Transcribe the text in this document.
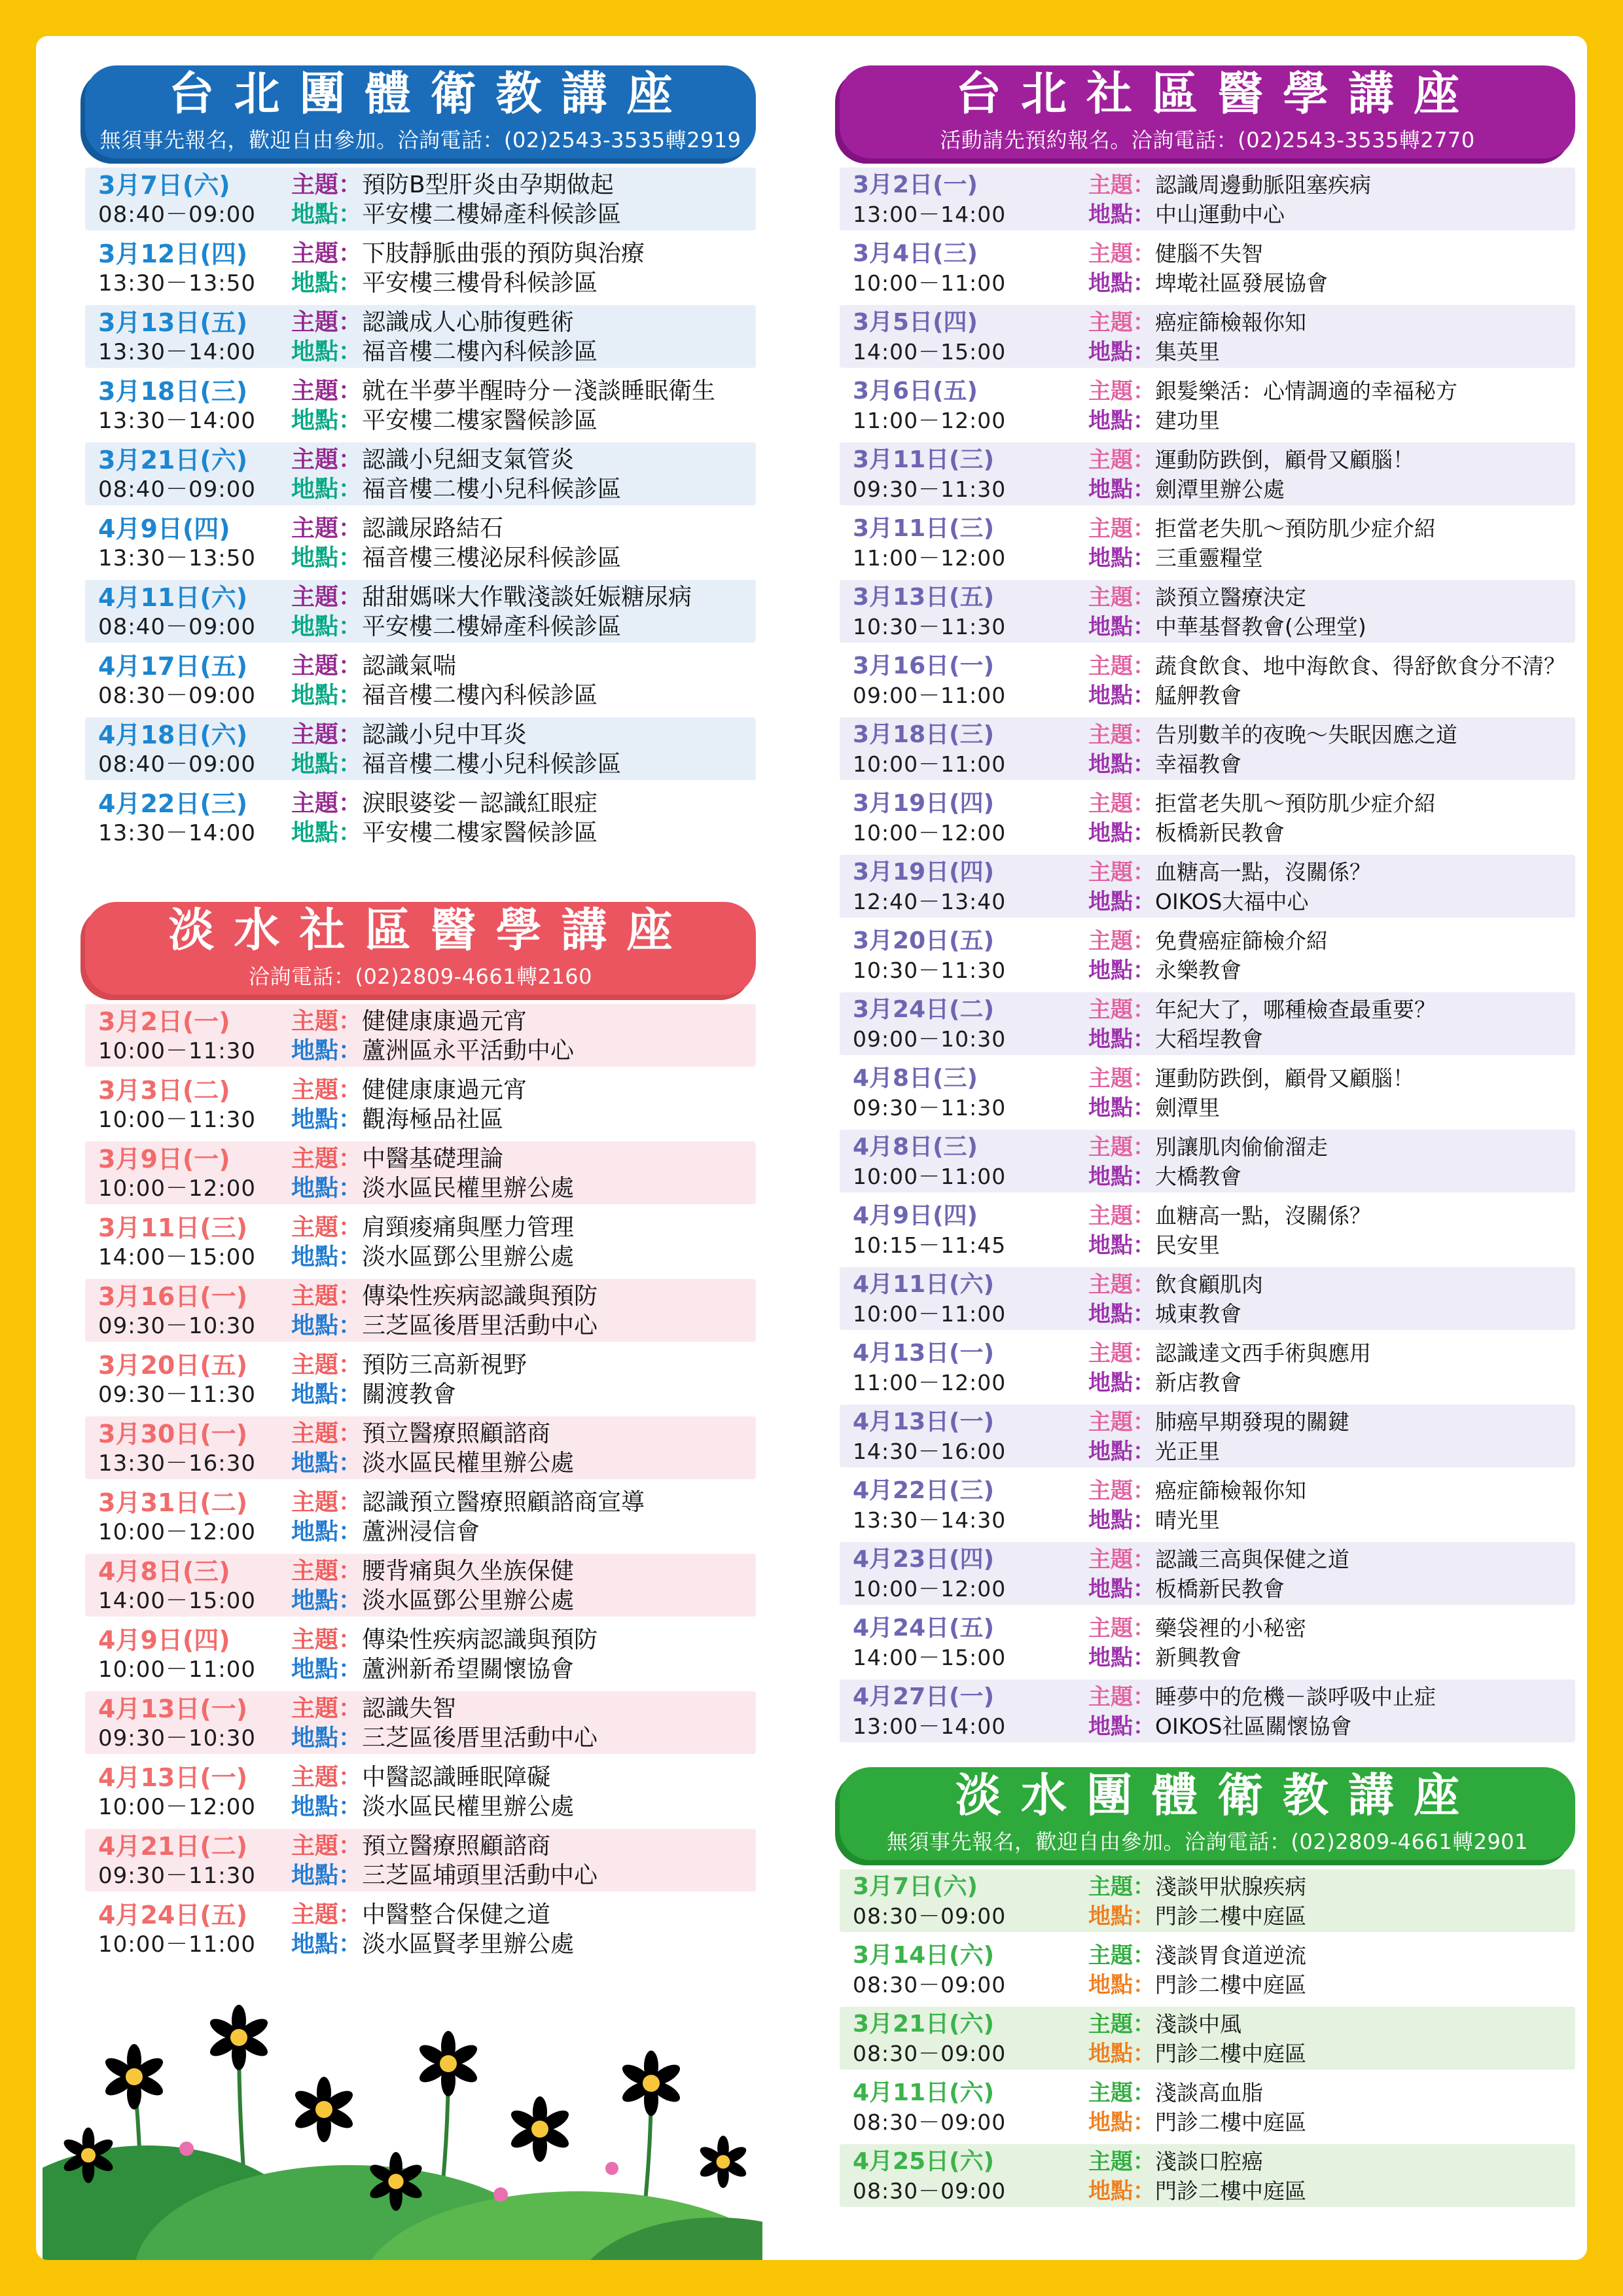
台北團體衛教講座
無須事先報名，歡迎自由參加。洽詢電話：(02)2543-3535轉2919
3月7日(六)
08:40－09:00
主題 ： 預防B型肝炎由孕期做起
地點 ： 平安樓二樓婦產科候診區
3月12日(四)
13:30－13:50
主題 ： 下肢靜脈曲張的預防與治療
地點 ： 平安樓三樓骨科候診區
3月13日(五)
13:30－14:00
主題 ： 認識成人心肺復甦術
地點 ： 福音樓二樓內科候診區
3月18日(三)
13:30－14:00
主題 ： 就在半夢半醒時分－淺談睡眠衛生
地點 ： 平安樓二樓家醫候診區
3月21日(六)
08:40－09:00
主題 ： 認識小兒細支氣管炎
地點 ： 福音樓二樓小兒科候診區
4月9日(四)
13:30－13:50
主題 ： 認識尿路結石
地點 ： 福音樓三樓泌尿科候診區
4月11日(六)
08:40－09:00
主題 ： 甜甜媽咪大作戰淺談妊娠糖尿病
地點 ： 平安樓二樓婦產科候診區
4月17日(五)
08:30－09:00
主題 ： 認識氣喘
地點 ： 福音樓二樓內科候診區
4月18日(六)
08:40－09:00
主題 ： 認識小兒中耳炎
地點 ： 福音樓二樓小兒科候診區
4月22日(三)
13:30－14:00
主題 ： 淚眼婆娑－認識紅眼症
地點 ： 平安樓二樓家醫候診區
台北社區醫學講座
活動請先預約報名。洽詢電話：(02)2543-3535轉2770
3月2日(一)
13:00－14:00
主題 ： 認識周邊動脈阻塞疾病
地點 ： 中山運動中心
3月4日(三)
10:00－11:00
主題 ： 健腦不失智
地點 ： 埤墘社區發展協會
3月5日(四)
14:00－15:00
主題 ： 癌症篩檢報你知
地點 ： 集英里
3月6日(五)
11:00－12:00
主題 ： 銀髮樂活：心情調適的幸福秘方
地點 ： 建功里
3月11日(三)
09:30－11:30
主題 ： 運動防跌倒，顧骨又顧腦！
地點 ： 劍潭里辦公處
3月11日(三)
11:00－12:00
主題 ： 拒當老失肌～預防肌少症介紹
地點 ： 三重靈糧堂
3月13日(五)
10:30－11:30
主題 ： 談預立醫療決定
地點 ： 中華基督教會(公理堂)
3月16日(一)
09:00－11:00
主題 ： 蔬食飲食、地中海飲食、得舒飲食分不清？
地點 ： 艋舺教會
3月18日(三)
10:00－11:00
主題 ： 告別數羊的夜晚～失眠因應之道
地點 ： 幸福教會
3月19日(四)
10:00－12:00
主題 ： 拒當老失肌～預防肌少症介紹
地點 ： 板橋新民教會
3月19日(四)
12:40－13:40
主題 ： 血糖高一點，沒關係？
地點 ： OIKOS大福中心
3月20日(五)
10:30－11:30
主題 ： 免費癌症篩檢介紹
地點 ： 永樂教會
3月24日(二)
09:00－10:30
主題 ： 年紀大了，哪種檢查最重要？
地點 ： 大稻埕教會
4月8日(三)
09:30－11:30
主題 ： 運動防跌倒，顧骨又顧腦！
地點 ： 劍潭里
4月8日(三)
10:00－11:00
主題 ： 別讓肌肉偷偷溜走
地點 ： 大橋教會
4月9日(四)
10:15－11:45
主題 ： 血糖高一點，沒關係？
地點 ： 民安里
4月11日(六)
10:00－11:00
主題 ： 飲食顧肌肉
地點 ： 城東教會
4月13日(一)
11:00－12:00
主題 ： 認識達文西手術與應用
地點 ： 新店教會
4月13日(一)
14:30－16:00
主題 ： 肺癌早期發現的關鍵
地點 ： 光正里
4月22日(三)
13:30－14:30
主題 ： 癌症篩檢報你知
地點 ： 晴光里
4月23日(四)
10:00－12:00
主題 ： 認識三高與保健之道
地點 ： 板橋新民教會
4月24日(五)
14:00－15:00
主題 ： 藥袋裡的小秘密
地點 ： 新興教會
4月27日(一)
13:00－14:00
主題 ： 睡夢中的危機－談呼吸中止症
地點 ： OIKOS社區關懷協會
淡水社區醫學講座
洽詢電話：(02)2809-4661轉2160
3月2日(一)
10:00－11:30
主題 ： 健健康康過元宵
地點 ： 蘆洲區永平活動中心
3月3日(二)
10:00－11:30
主題 ： 健健康康過元宵
地點 ： 觀海極品社區
3月9日(一)
10:00－12:00
主題 ： 中醫基礎理論
地點 ： 淡水區民權里辦公處
3月11日(三)
14:00－15:00
主題 ： 肩頸痠痛與壓力管理
地點 ： 淡水區鄧公里辦公處
3月16日(一)
09:30－10:30
主題 ： 傳染性疾病認識與預防
地點 ： 三芝區後厝里活動中心
3月20日(五)
09:30－11:30
主題 ： 預防三高新視野
地點 ： 關渡教會
3月30日(一)
13:30－16:30
主題 ： 預立醫療照顧諮商
地點 ： 淡水區民權里辦公處
3月31日(二)
10:00－12:00
主題 ： 認識預立醫療照顧諮商宣導
地點 ： 蘆洲浸信會
4月8日(三)
14:00－15:00
主題 ： 腰背痛與久坐族保健
地點 ： 淡水區鄧公里辦公處
4月9日(四)
10:00－11:00
主題 ： 傳染性疾病認識與預防
地點 ： 蘆洲新希望關懷協會
4月13日(一)
09:30－10:30
主題 ： 認識失智
地點 ： 三芝區後厝里活動中心
4月13日(一)
10:00－12:00
主題 ： 中醫認識睡眠障礙
地點 ： 淡水區民權里辦公處
4月21日(二)
09:30－11:30
主題 ： 預立醫療照顧諮商
地點 ： 三芝區埔頭里活動中心
4月24日(五)
10:00－11:00
主題 ： 中醫整合保健之道
地點 ： 淡水區賢孝里辦公處
淡水團體衛教講座
無須事先報名，歡迎自由參加。洽詢電話：(02)2809-4661轉2901
3月7日(六)
08:30－09:00
主題 ： 淺談甲狀腺疾病
地點 ： 門診二樓中庭區
3月14日(六)
08:30－09:00
主題 ： 淺談胃食道逆流
地點 ： 門診二樓中庭區
3月21日(六)
08:30－09:00
主題 ： 淺談中風
地點 ： 門診二樓中庭區
4月11日(六)
08:30－09:00
主題 ： 淺談高血脂
地點 ： 門診二樓中庭區
4月25日(六)
08:30－09:00
主題 ： 淺談口腔癌
地點 ： 門診二樓中庭區
